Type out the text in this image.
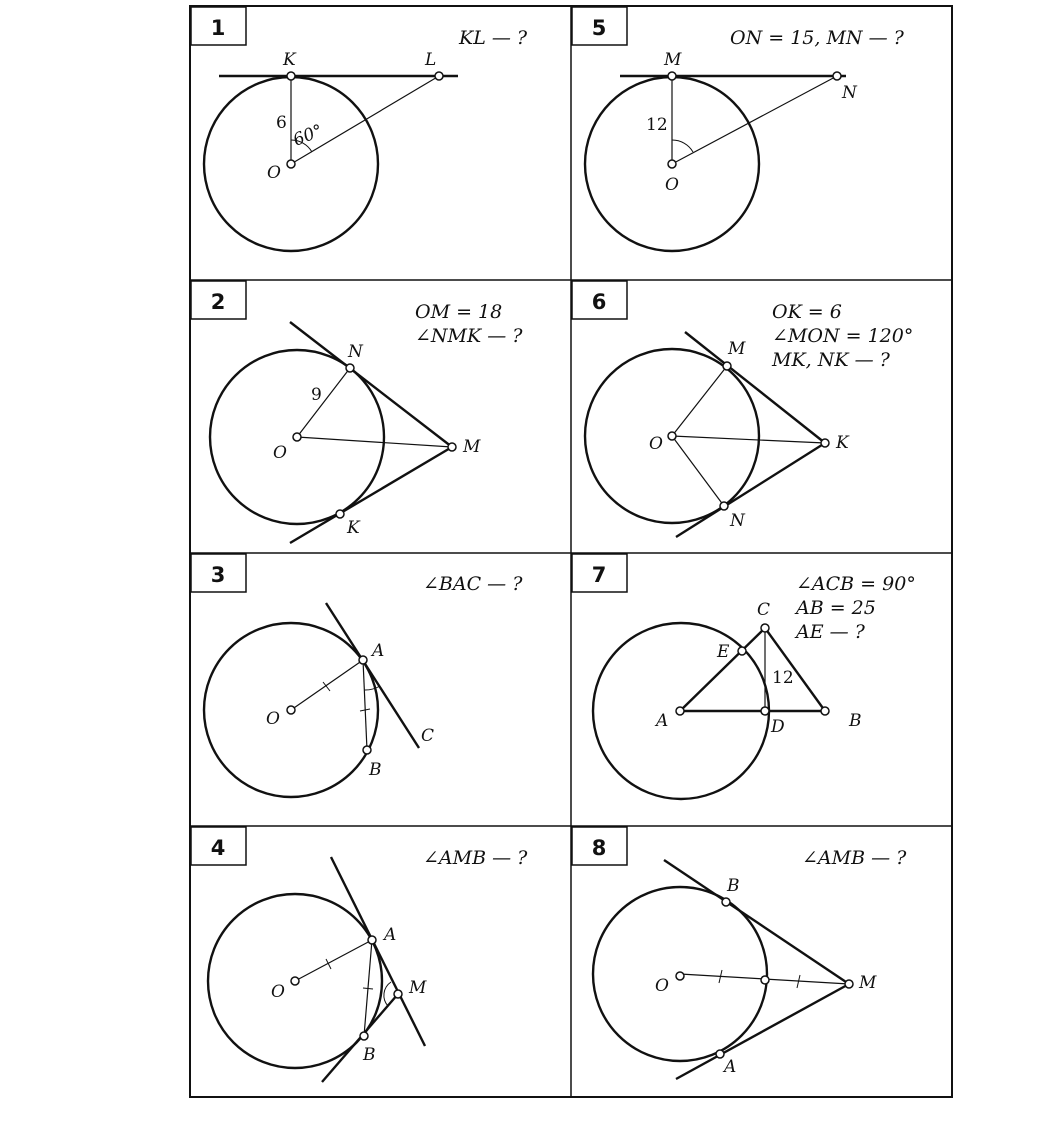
1	5
2	6
3	7
4	8
K	L
O
6 60°
KL — ?
M
N
O
12
ON = 15, MN — ?
N
K
M
O
9
OM = 18
∠NMK — ?
M
N
K
O
OK = 6
∠MON = 120°
MK, NK — ?
A
B
C
O
∠BAC — ?
A	B
C
D
E
12
∠ACB = 90°
AB = 25
AE — ?
A
B
M
O
∠AMB — ?
B
A
M
O
∠AMB — ?
